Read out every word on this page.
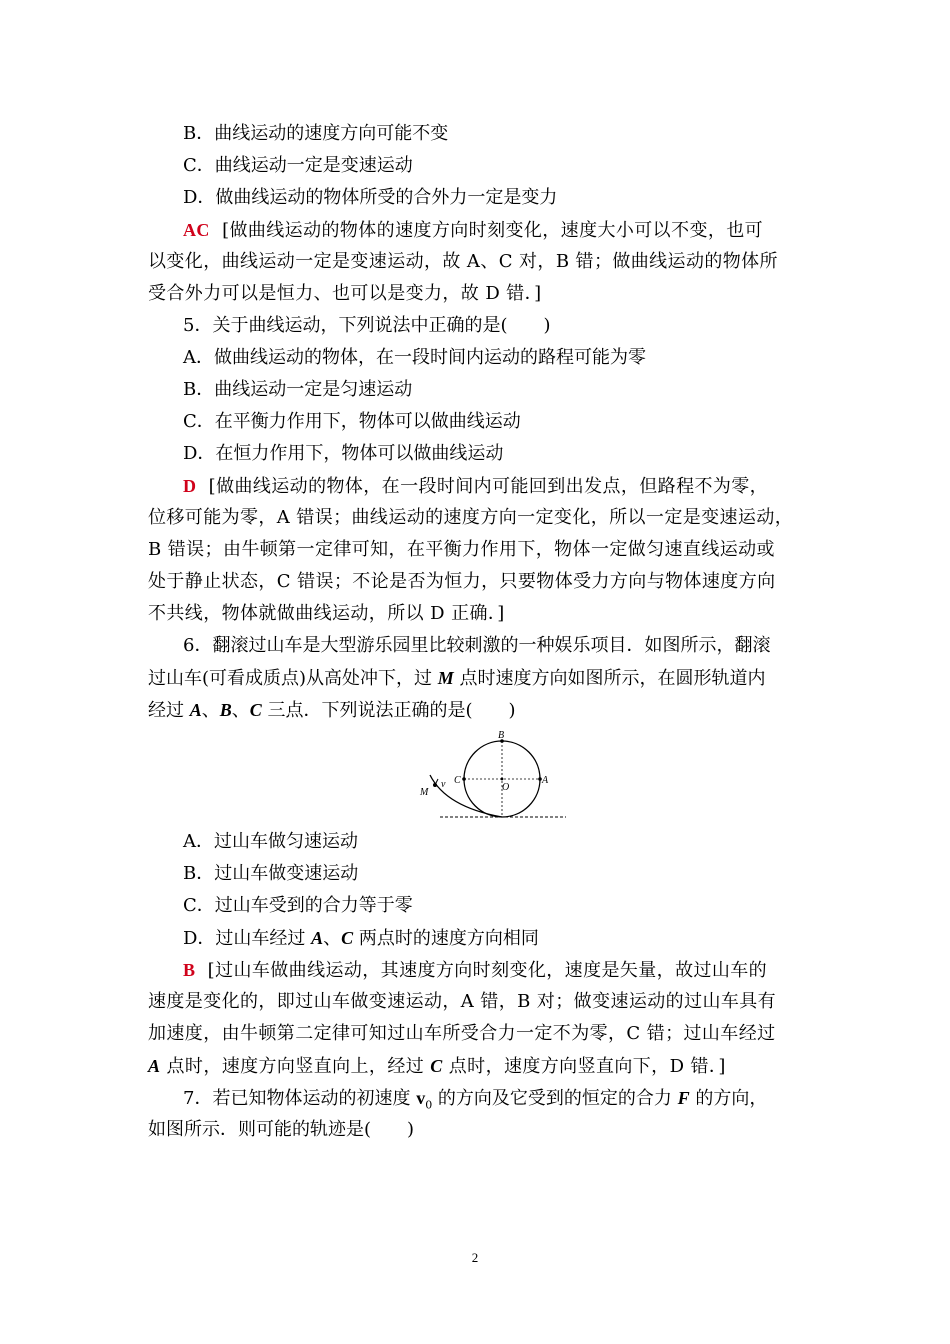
B．曲线运动的速度方向可能不变
C．曲线运动一定是变速运动
D．做曲线运动的物体所受的合外力一定是变力
AC [做曲线运动的物体的速度方向时刻变化，速度大小可以不变，也可
以变化，曲线运动一定是变速运动，故 A、C 对，B 错；做曲线运动的物体所
受合外力可以是恒力、也可以是变力，故 D 错．]
5．关于曲线运动，下列说法中正确的是(　　)
A．做曲线运动的物体，在一段时间内运动的路程可能为零
B．曲线运动一定是匀速运动
C．在平衡力作用下，物体可以做曲线运动
D．在恒力作用下，物体可以做曲线运动
D [做曲线运动的物体，在一段时间内可能回到出发点，但路程不为零，
位移可能为零，A 错误；曲线运动的速度方向一定变化，所以一定是变速运动，
B 错误；由牛顿第一定律可知，在平衡力作用下，物体一定做匀速直线运动或
处于静止状态，C 错误；不论是否为恒力，只要物体受力方向与物体速度方向
不共线，物体就做曲线运动，所以 D 正确．]
6．翻滚过山车是大型游乐园里比较刺激的一种娱乐项目．如图所示，翻滚
过山车(可看成质点)从高处冲下，过 M 点时速度方向如图所示，在圆形轨道内
经过 A、B、C 三点．下列说法正确的是(　　)
B
A
C
O
M
v
A．过山车做匀速运动
B．过山车做变速运动
C．过山车受到的合力等于零
D．过山车经过 A、C 两点时的速度方向相同
B [过山车做曲线运动，其速度方向时刻变化，速度是矢量，故过山车的
速度是变化的，即过山车做变速运动，A 错，B 对；做变速运动的过山车具有
加速度，由牛顿第二定律可知过山车所受合力一定不为零，C 错；过山车经过
A 点时，速度方向竖直向上，经过 C 点时，速度方向竖直向下，D 错．]
7．若已知物体运动的初速度 $v_0$ 的方向及它受到的恒定的合力 F 的方向，
如图所示．则可能的轨迹是(　　)
2
